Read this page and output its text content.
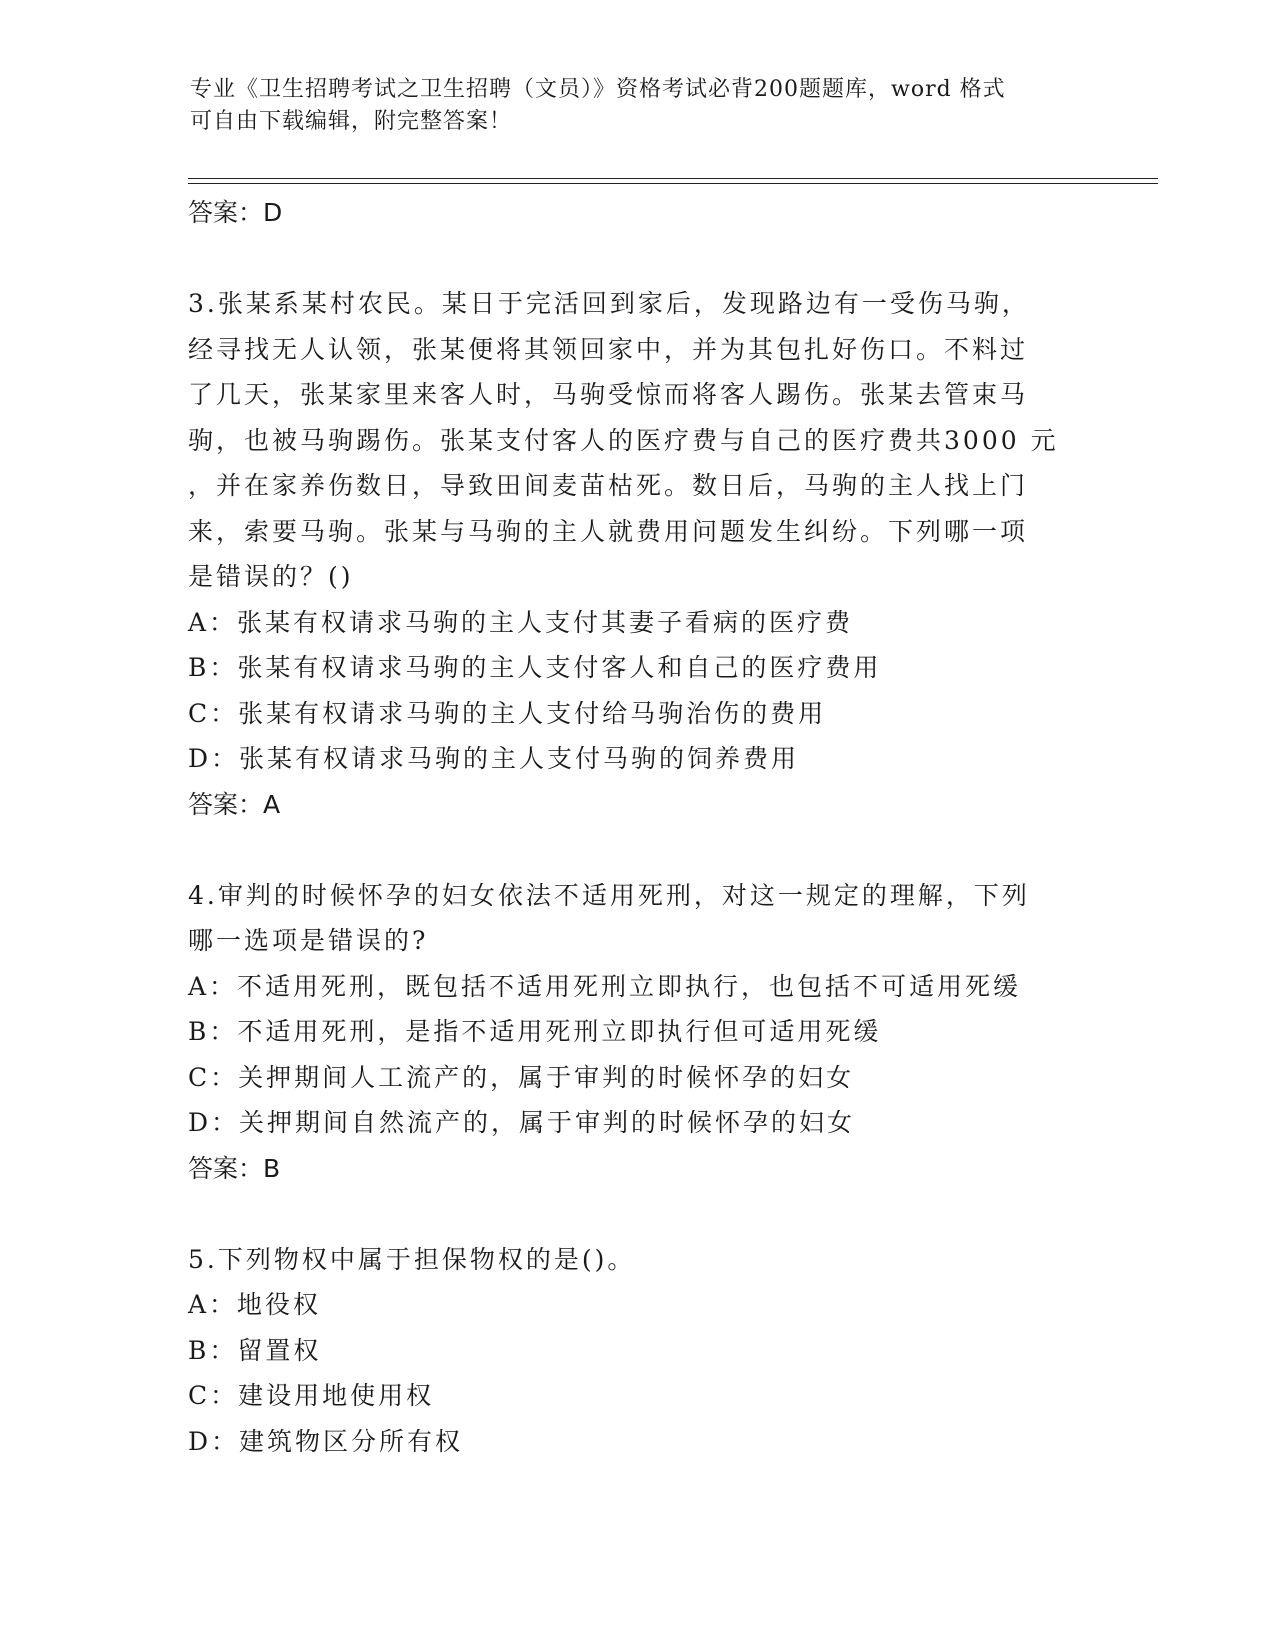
专业《卫生招聘考试之卫生招聘（文员）》资格考试必背200题题库，word 格式
可自由下载编辑，附完整答案！

答案：D

3.张某系某村农民。某日于完活回到家后，发现路边有一受伤马驹，

经寻找无人认领，张某便将其领回家中，并为其包扎好伤口。不料过

了几天，张某家里来客人时，马驹受惊而将客人踢伤。张某去管束马

驹，也被马驹踢伤。张某支付客人的医疗费与自己的医疗费共3000 元

，并在家养伤数日，导致田间麦苗枯死。数日后，马驹的主人找上门

来，索要马驹。张某与马驹的主人就费用问题发生纠纷。下列哪一项

是错误的？()

A：张某有权请求马驹的主人支付其妻子看病的医疗费

B：张某有权请求马驹的主人支付客人和自己的医疗费用

C：张某有权请求马驹的主人支付给马驹治伤的费用

D：张某有权请求马驹的主人支付马驹的饲养费用

答案：A

4.审判的时候怀孕的妇女依法不适用死刑，对这一规定的理解，下列

哪一选项是错误的?

A：不适用死刑，既包括不适用死刑立即执行，也包括不可适用死缓

B：不适用死刑，是指不适用死刑立即执行但可适用死缓

C：关押期间人工流产的，属于审判的时候怀孕的妇女

D：关押期间自然流产的，属于审判的时候怀孕的妇女

答案：B

5.下列物权中属于担保物权的是()。

A：地役权

B：留置权

C：建设用地使用权

D：建筑物区分所有权
